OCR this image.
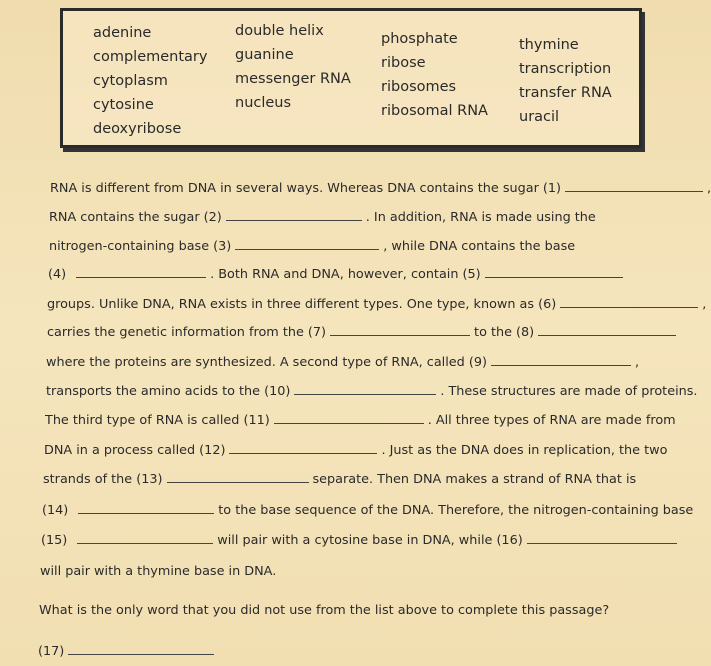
adenine
complementary
cytoplasm
cytosine
deoxyribose
double helix
guanine
messenger RNA
nucleus
phosphate
ribose
ribosomes
ribosomal RNA
thymine
transcription
transfer RNA
uracil
RNA is different from DNA in several ways. Whereas DNA contains the sugar (1)	,
RNA contains the sugar (2)	. In addition, RNA is made using the
nitrogen-containing base (3)	, while DNA contains the base
(4)	. Both RNA and DNA, however, contain (5)
groups. Unlike DNA, RNA exists in three different types. One type, known as (6)	,
carries the genetic information from the (7)	to the (8)
where the proteins are synthesized. A second type of RNA, called (9)	,
transports the amino acids to the (10)	. These structures are made of proteins.
The third type of RNA is called (11)	. All three types of RNA are made from
DNA in a process called (12)	. Just as the DNA does in replication, the two
strands of the (13)	separate. Then DNA makes a strand of RNA that is
(14)	to the base sequence of the DNA. Therefore, the nitrogen-containing base
(15)	will pair with a cytosine base in DNA, while (16)
will pair with a thymine base in DNA.
What is the only word that you did not use from the list above to complete this passage?
(17)
